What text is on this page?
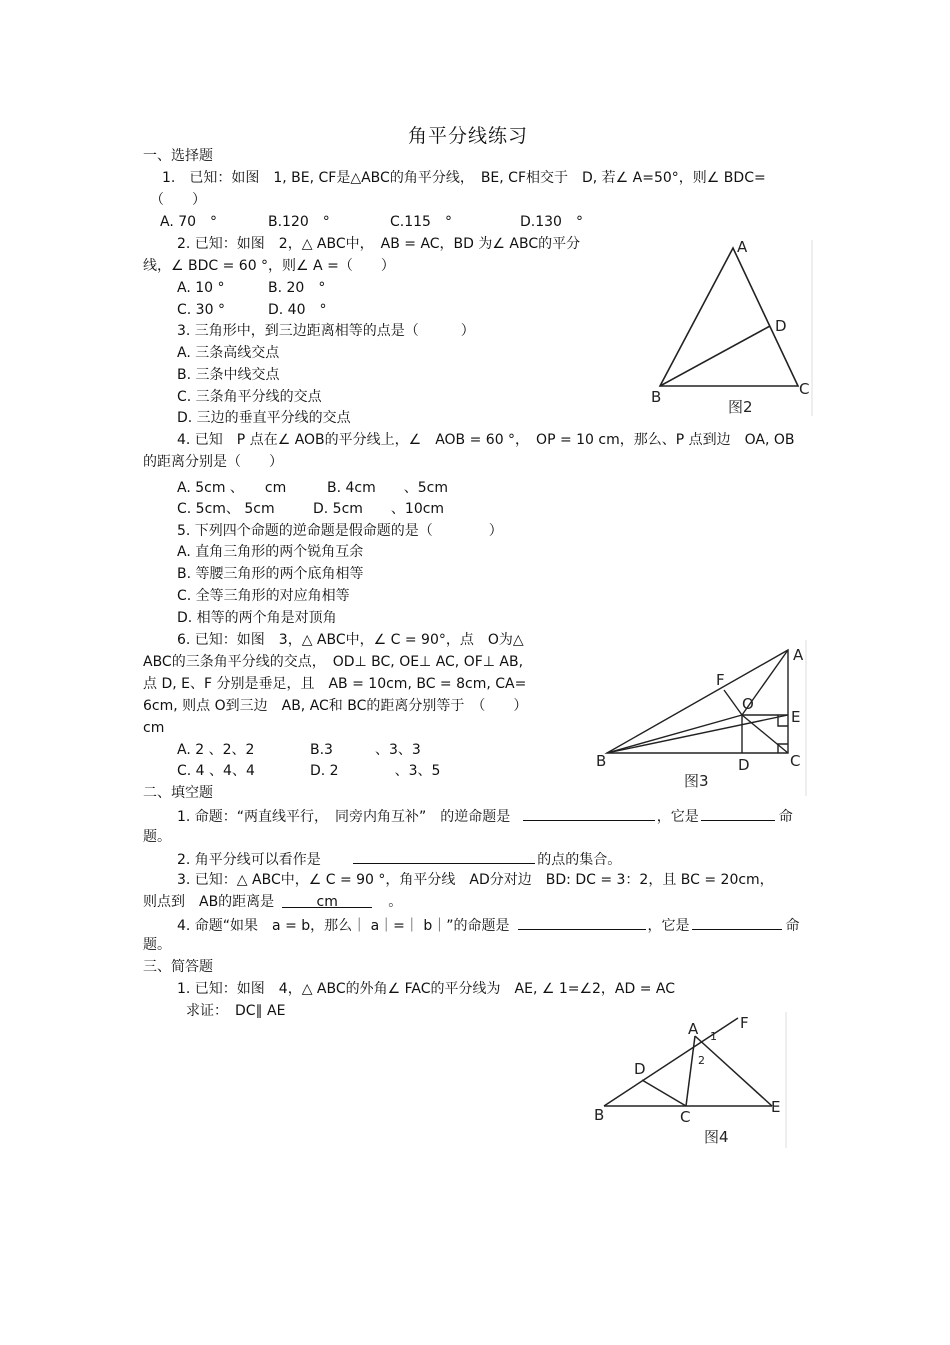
角平分线练习
一、选择题
1.　已知：如图　1, BE, CF是△ABC的角平分线，　BE, CF相交于　D, 若∠ A=50°，则∠ BDC=
（　　）
A. 70　°	B.120　°	C.115　°	D.130　°
2. 已知：如图　2，△ ABC中，　AB = AC，BD 为∠ ABC的平分
线，∠ BDC = 60 °，则∠ A =（　　）
A. 10 °	B. 20　°
C. 30 °	D. 40　°
3. 三角形中，到三边距离相等的点是（　　　）
A. 三条高线交点
B. 三条中线交点
C. 三条角平分线的交点
D. 三边的垂直平分线的交点
4. 已知　P 点在∠ AOB的平分线上，∠　AOB = 60 °，　OP = 10 cm，那么、P 点到边　OA, OB
的距离分别是（　　）
A. 5cm 、　　cm	B. 4cm　　、5cm
C. 5cm、 5cm	D. 5cm　　、10cm
5. 下列四个命题的逆命题是假命题的是（　　　　）
A. 直角三角形的两个锐角互余
B. 等腰三角形的两个底角相等
C. 全等三角形的对应角相等
D. 相等的两个角是对顶角
6. 已知：如图　3，△ ABC中，∠ C = 90°，点　O为△
ABC的三条角平分线的交点，　OD⊥ BC, OE⊥ AC, OF⊥ AB,
点 D, E、F 分别是垂足，且　AB = 10cm, BC = 8cm, CA=
6cm, 则点 O到三边　AB, AC和 BC的距离分别等于　（　　）
cm
A. 2 、2、2	B.3　　　、3、3
C. 4 、4、4	D. 2　　　　、3、5
二、填空题
1. 命题：“两直线平行，　同旁内角互补”　的逆命题是	，它是	命
题。
2. 角平分线可以看作是	的点的集合。
3. 已知：△ ABC中，∠ C = 90 °，角平分线　AD分对边　BD: DC = 3：2，且 BC = 20cm，
则点到　AB的距离是	cm	。
4. 命题“如果　a = b，那么｜ a｜=｜ b｜”的命题是	，它是	命
题。
三、简答题
1. 已知：如图　4，△ ABC的外角∠ FAC的平分线为　AE, ∠ 1=∠2，AD = AC
求证：　DC∥ AE
A
B	C
D
图2
A
B	C
D
E
F
O
图3
A
B	C
D
E
F
1
2
图4
